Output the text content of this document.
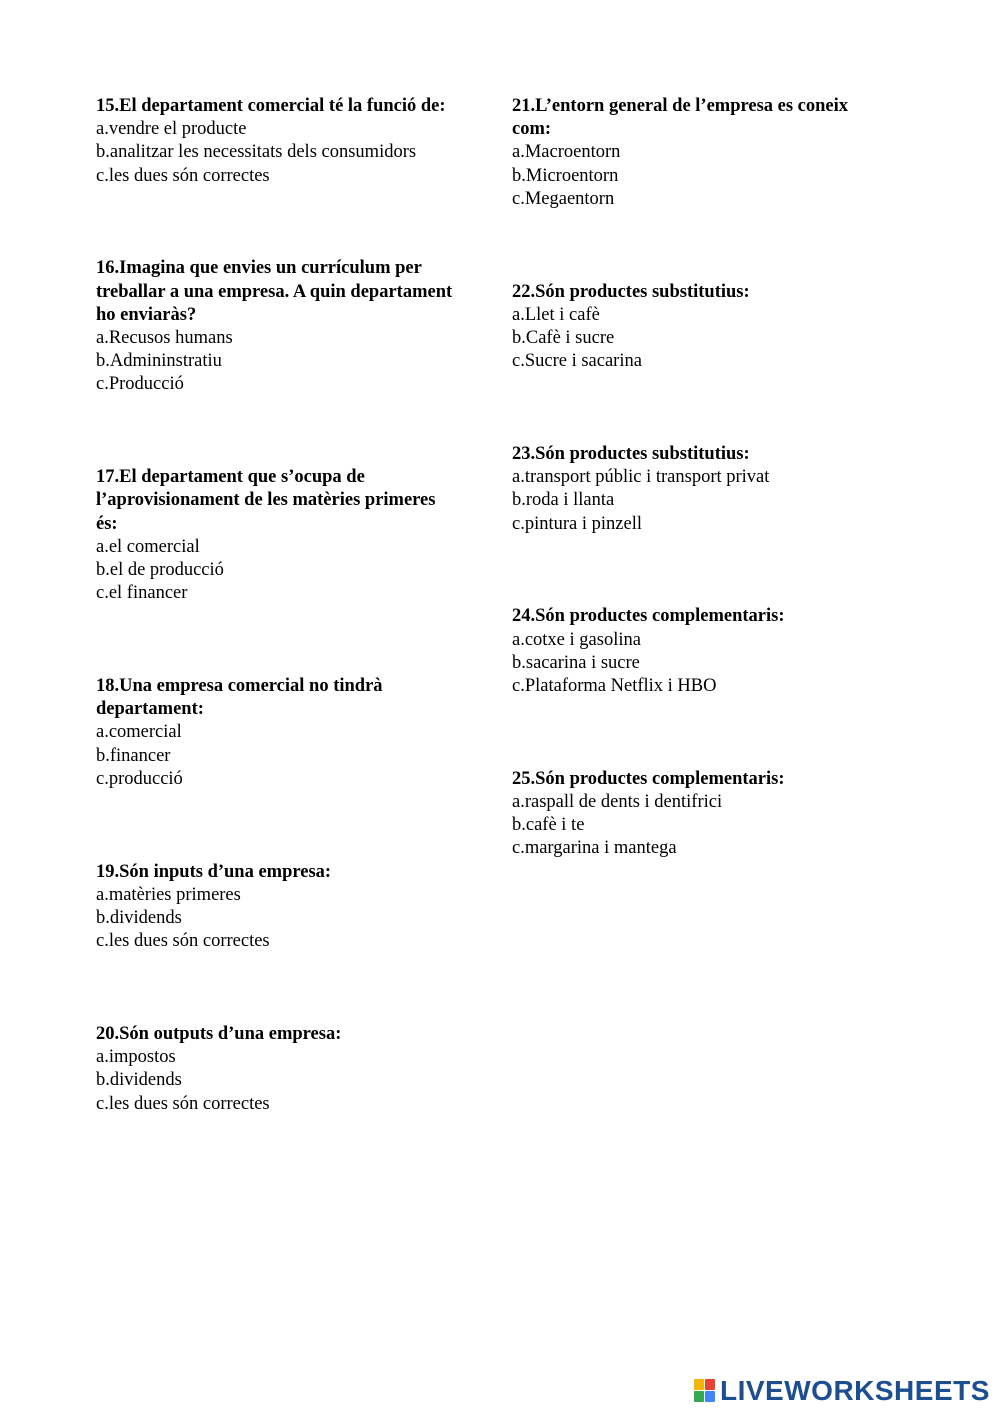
15.El departament comercial té la funció de:
a.vendre el producte
b.analitzar les necessitats dels consumidors
c.les dues són correctes
16.Imagina que envies un currículum per
treballar a una empresa. A quin departament
ho enviaràs?
a.Recusos humans
b.Admininstratiu
c.Producció
17.El departament que s’ocupa de
l’aprovisionament de les matèries primeres
és:
a.el comercial
b.el de producció
c.el financer
18.Una empresa comercial no tindrà
departament:
a.comercial
b.financer
c.producció
19.Són inputs d’una empresa:
a.matèries primeres
b.dividends
c.les dues són correctes
20.Són outputs d’una empresa:
a.impostos
b.dividends
c.les dues són correctes
21.L’entorn general de l’empresa es coneix
com:
a.Macroentorn
b.Microentorn
c.Megaentorn
22.Són productes substitutius:
a.Llet i cafè
b.Cafè i sucre
c.Sucre i sacarina
23.Són productes substitutius:
a.transport públic i transport privat
b.roda i llanta
c.pintura i pinzell
24.Són productes complementaris:
a.cotxe i gasolina
b.sacarina i sucre
c.Plataforma Netflix i HBO
25.Són productes complementaris:
a.raspall de dents i dentifrici
b.cafè i te
c.margarina i mantega
LIVEWORKSHEETS
